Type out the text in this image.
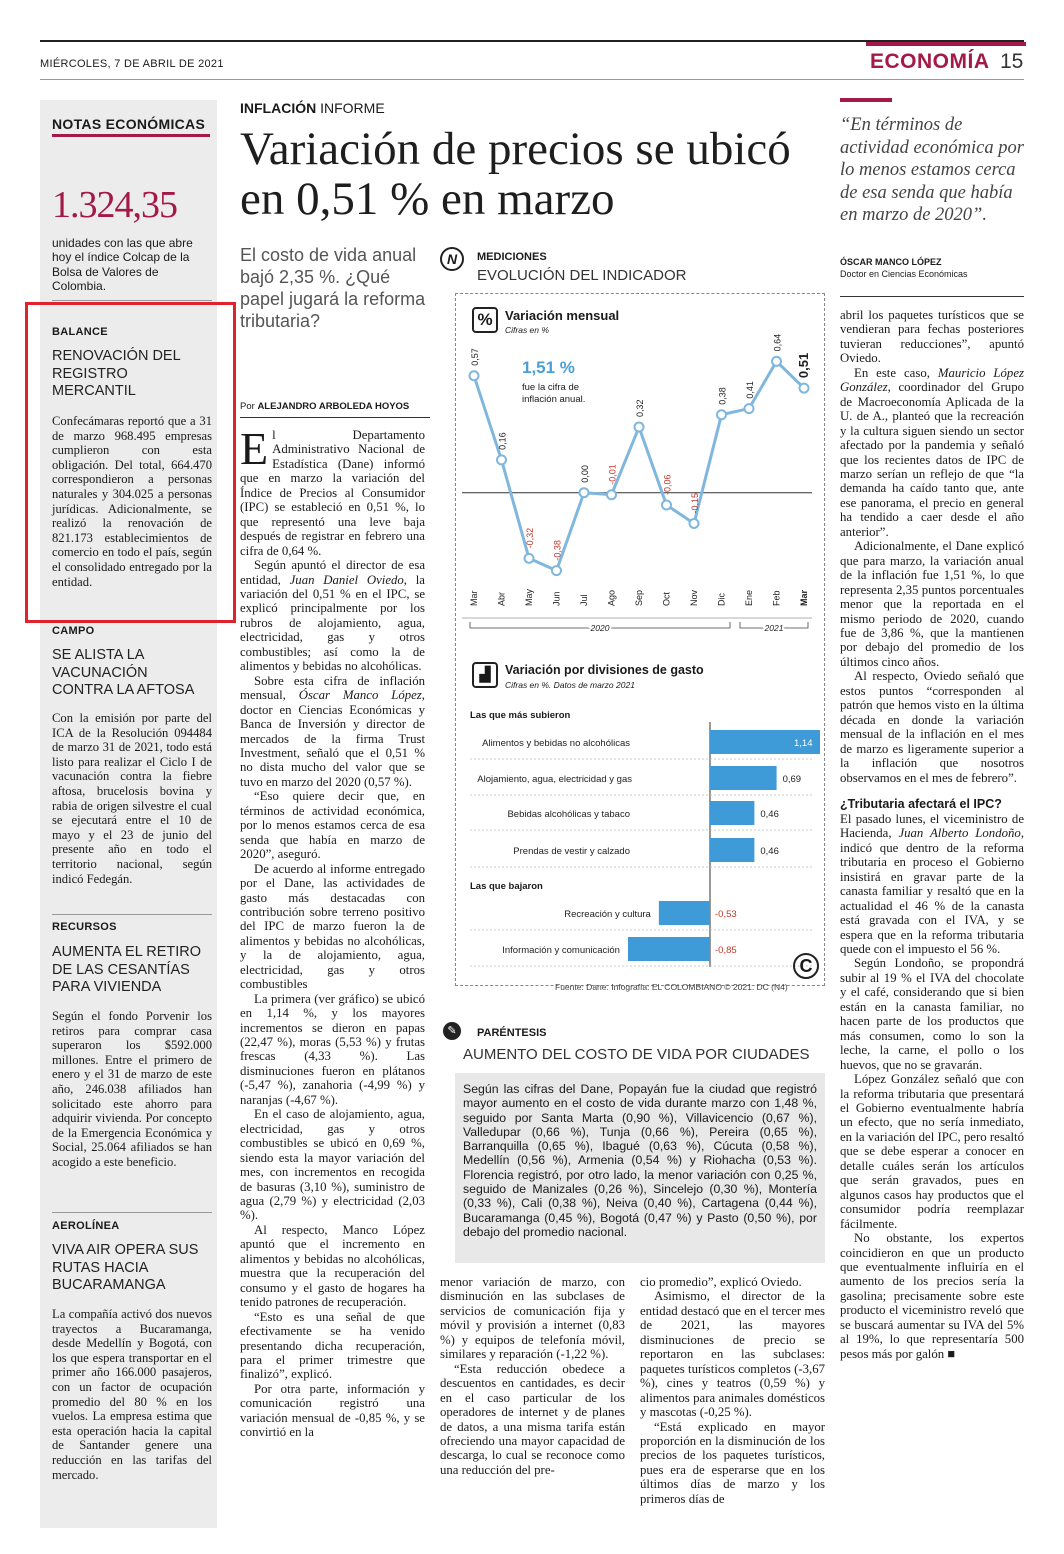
MIÉRCOLES, 7 DE ABRIL DE 2021	ECONOMÍA 15
NOTAS ECONÓMICAS
1.324,35
unidades con las que abre hoy el índice Colcap de la Bolsa de Valores de Colombia.
BALANCE
RENOVACIÓN DEL REGISTRO MERCANTIL
Confecámaras reportó que a 31 de marzo 968.495 empresas cumplieron con esta obligación. Del total, 664.470 correspondieron a personas naturales y 304.025 a personas jurídicas. Adicionalmente, se realizó la renovación de 821.173 establecimientos de comercio en todo el país, según el consolidado entregado por la entidad.
CAMPO
SE ALISTA LA VACUNACIÓN CONTRA LA AFTOSA
Con la emisión por parte del ICA de la Resolución 094484 de marzo 31 de 2021, todo está listo para realizar el Ciclo I de vacunación contra la fiebre aftosa, brucelosis bovina y rabia de origen silvestre el cual se ejecutará entre el 10 de mayo y el 23 de junio del presente año en todo el territorio nacional, según indicó Fedegán.
RECURSOS
AUMENTA EL RETIRO DE LAS CESANTÍAS PARA VIVIENDA
Según el fondo Porvenir los retiros para comprar casa superaron los $592.000 millones. Entre el primero de enero y el 31 de marzo de este año, 246.038 afiliados han solicitado este ahorro para adquirir vivienda. Por concepto de la Emergencia Económica y Social, 25.064 afiliados se han acogido a este beneficio.
AEROLÍNEA
VIVA AIR OPERA SUS RUTAS HACIA BUCARAMANGA
La compañía activó dos nuevos trayectos a Bucaramanga, desde Medellín y Bogotá, con los que espera transportar en el primer año 166.000 pasajeros, con un factor de ocupación promedio del 80 % en los vuelos. La empresa estima que esta operación hacia la capital de Santander genere una reducción en las tarifas del mercado.
INFLACIÓN INFORME
Variación de precios se ubicó en 0,51 % en marzo
El costo de vida anual bajó 2,35 %. ¿Qué papel jugará la reforma tributaria?
Por ALEJANDRO ARBOLEDA HOYOS
E l Departamento Administrativo Nacional de Estadística (Dane) informó que en marzo la variación del Índice de Precios al Consumidor (IPC) se estableció en 0,51 %, lo que representó una leve baja después de registrar en febrero una cifra de 0,64 %.

Según apuntó el director de esa entidad, Juan Daniel Oviedo, la variación del 0,51 % en el IPC, se explicó principalmente por los rubros de alojamiento, agua, electricidad, gas y otros combustibles; así como la de alimentos y bebidas no alcohólicas.

Sobre esta cifra de inflación mensual, Óscar Manco López, doctor en Ciencias Económicas y Banca de Inversión y director de mercados de la firma Trust Investment, señaló que el 0,51 % no dista mucho del valor que se tuvo en marzo del 2020 (0,57 %).

“Eso quiere decir que, en términos de actividad económica, por lo menos estamos cerca de esa senda que había en marzo de 2020”, aseguró.

De acuerdo al informe entregado por el Dane, las actividades de gasto más destacadas con contribución sobre terreno positivo del IPC de marzo fueron la de alimentos y bebidas no alcohólicas, y la de alojamiento, agua, electricidad, gas y otros combustibles

La primera (ver gráfico) se ubicó en 1,14 %, y los mayores incrementos se dieron en papas (22,47 %), moras (5,53 %) y frutas frescas (4,33 %). Las disminuciones fueron en plátanos (-5,47 %), zanahoria (-4,99 %) y naranjas (-4,67 %).

En el caso de alojamiento, agua, electricidad, gas y otros combustibles se ubicó en 0,69 %, siendo esta la mayor variación del mes, con incrementos en recogida de basuras (3,10 %), suministro de agua (2,79 %) y electricidad (2,03 %).

Al respecto, Manco López apuntó que el incremento en alimentos y bebidas no alcohólicas, muestra que la recuperación del consumo y el gasto de hogares ha tenido patrones de recuperación.

“Esto es una señal de que efectivamente se ha venido presentando dicha recuperación, para el primer trimestre que finalizó”, explicó.

Por otra parte, información y comunicación registró una variación mensual de -0,85 %, y se convirtió en la

N	MEDICIONES
EVOLUCIÓN DEL INDICADOR
% Variación mensual
Cifras en %
1,51 %
fue la cifra de inflación anual.
0,57
Mar
0,16
Abr
-0,32
May
-0,38
Jun
0,00
Jul
-0,01
Ago
0,32
Sep
-0,06
Oct
-0,15
Nov
0,38
Dic
0,41
Ene
0,64
Feb
0,51
Mar
2020	2021
▟	Variación por divisiones de gasto
Cifras en %. Datos de marzo 2021
Las que más subieron
Las que bajaron
1,14
Alimentos y bebidas no alcohólicas
0,69
Alojamiento, agua, electricidad y gas
0,46
Bebidas alcohólicas y tabaco
0,46
Prendas de vestir y calzado
-0,53
Recreación y cultura
-0,85
Información y comunicación
C
Fuente: Dane. Infografía: EL COLOMBIANO © 2021. DC (N4)
✎	PARÉNTESIS
AUMENTO DEL COSTO DE VIDA POR CIUDADES
Según las cifras del Dane, Popayán fue la ciudad que registró mayor aumento en el costo de vida durante marzo con 1,48 %, seguido por Santa Marta (0,90 %), Villavicencio (0,67 %), Valledupar (0,66 %), Tunja (0,66 %), Pereira (0,65 %), Barranquilla (0,65 %), Ibagué (0,63 %), Cúcuta (0,58 %), Medellín (0,56 %), Armenia (0,54 %) y Riohacha (0,53 %). Florencia registró, por otro lado, la menor variación con 0,25 %, seguido de Manizales (0,26 %), Sincelejo (0,30 %), Montería (0,33 %), Cali (0,38 %), Neiva (0,40 %), Cartagena (0,44 %), Bucaramanga (0,45 %), Bogotá (0,47 %) y Pasto (0,50 %), por debajo del promedio nacional.

menor variación de marzo, con disminución en las subclases de servicios de comunicación fija y móvil y provisión a internet (0,83 %) y equipos de telefonía móvil, similares y reparación (-1,22 %).

“Esta reducción obedece a descuentos en cantidades, es decir en el caso particular de los operadores de internet y de planes de datos, a una misma tarifa están ofreciendo una mayor capacidad de descarga, lo cual se reconoce como una reducción del pre-

cio promedio”, explicó Oviedo.

Asimismo, el director de la entidad destacó que en el tercer mes de 2021, las mayores disminuciones de precio se reportaron en las subclases: paquetes turísticos completos (-3,67 %), cines y teatros (0,59 %) y alimentos para animales domésticos y mascotas (-0,25 %).

“Está explicado en mayor proporción en la disminución de los precios de los paquetes turísticos, pues era de esperarse que en los últimos días de marzo y los primeros días de

“En términos de actividad económica por lo menos estamos cerca de esa senda que había en marzo de 2020”.
ÓSCAR MANCO LÓPEZ
Doctor en Ciencias Económicas

abril los paquetes turísticos que se vendieran para fechas posteriores tuvieran reducciones”, apuntó Oviedo.

En este caso, Mauricio López González, coordinador del Grupo de Macroeconomía Aplicada de la U. de A., planteó que la recreación y la cultura siguen siendo un sector afectado por la pandemia y señaló que los recientes datos de IPC de marzo serían un reflejo de que “la demanda ha caído tanto que, ante ese panorama, el precio en general ha tendido a caer desde el año anterior”.

Adicionalmente, el Dane explicó que para marzo, la variación anual de la inflación fue 1,51 %, lo que representa 2,35 puntos porcentuales menor que la reportada en el mismo periodo de 2020, cuando fue de 3,86 %, que la mantienen por debajo del promedio de los últimos cinco años.

Al respecto, Oviedo señaló que estos puntos “corresponden al patrón que hemos visto en la última década en donde la variación mensual de la inflación en el mes de marzo es ligeramente superior a la inflación que nosotros observamos en el mes de febrero”.

¿Tributaria afectará el IPC?

El pasado lunes, el viceministro de Hacienda, Juan Alberto Londoño, indicó que dentro de la reforma tributaria en proceso el Gobierno insistirá en gravar parte de la canasta familiar y resaltó que en la actualidad el 46 % de la canasta está gravada con el IVA, y se espera que en la reforma tributaria quede con el impuesto el 56 %.

Según Londoño, se propondrá subir al 19 % el IVA del chocolate y el café, considerando que si bien están en la canasta familiar, no hacen parte de los productos que más consumen, como lo son la leche, la carne, el pollo o los huevos, que no se gravarán.

López González señaló que con la reforma tributaria que presentará el Gobierno eventualmente habría un efecto, que no sería inmediato, en la variación del IPC, pero resaltó que se debe esperar a conocer en detalle cuáles serán los artículos que serán gravados, pues en algunos casos hay productos que el consumidor podría reemplazar fácilmente.

No obstante, los expertos coincidieron en que un producto que eventualmente influiría en el aumento de los precios sería la gasolina; precisamente sobre este producto el viceministro reveló que se buscará aumentar su IVA del 5% al 19%, lo que representaría 500 pesos más por galón ■
